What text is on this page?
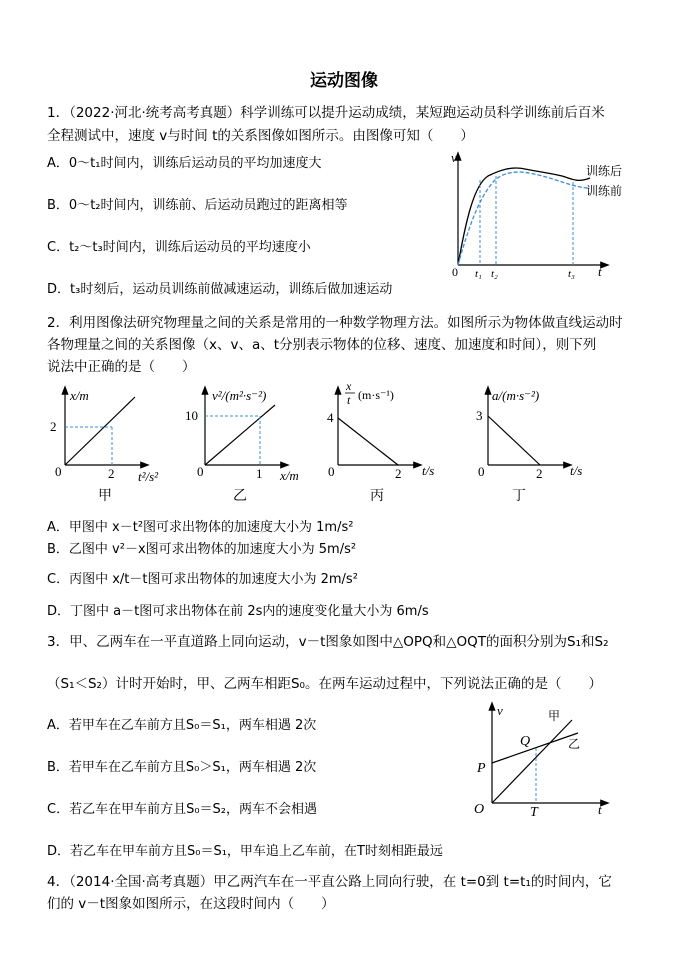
运动图像
1．（2022·河北·统考高考真题）科学训练可以提升运动成绩，某短跑运动员科学训练前后百米
全程测试中，速度 v与时间 t的关系图像如图所示。由图像可知（　　）
A．0～t₁时间内，训练后运动员的平均加速度大
B．0～t₂时间内，训练前、后运动员跑过的距离相等
C．t₂～t₃时间内，训练后运动员的平均速度小
D．t₃时刻后，运动员训练前做减速运动，训练后做加速运动
v
t
0 t₁ t₂	t₃
训练后
训练前
2．利用图像法研究物理量之间的关系是常用的一种数学物理方法。如图所示为物体做直线运动时
各物理量之间的关系图像（x、v、a、t分别表示物体的位移、速度、加速度和时间），则下列
说法中正确的是（　　）
x/m
2
2
0	t²/s²
甲
v²/(m²·s⁻²)
10
1
0	x/m
乙
x
t (m·s⁻¹)
4
2
0	t/s
丙
a/(m·s⁻²)
3
2
0	t/s
丁
A．甲图中 x－t²图可求出物体的加速度大小为 1m/s²
B．乙图中 v²－x图可求出物体的加速度大小为 5m/s²
C．丙图中 x/t－t图可求出物体的加速度大小为 2m/s²
D．丁图中 a－t图可求出物体在前 2s内的速度变化量大小为 6m/s
3．甲、乙两车在一平直道路上同向运动，v－t图象如图中△OPQ和△OQT的面积分别为S₁和S₂
（S₁＜S₂）计时开始时，甲、乙两车相距S₀。在两车运动过程中，下列说法正确的是（　　）
A．若甲车在乙车前方且S₀＝S₁，两车相遇 2次
B．若甲车在乙车前方且S₀＞S₁，两车相遇 2次
C．若乙车在甲车前方且S₀＝S₂，两车不会相遇
D．若乙车在甲车前方且S₀＝S₁，甲车追上乙车前，在T时刻相距最远
v
t
O
P
Q
T
甲
乙
4．（2014·全国·高考真题）甲乙两汽车在一平直公路上同向行驶，在 t=0到 t=t₁的时间内，它
们的 v－t图象如图所示，在这段时间内（　　）
